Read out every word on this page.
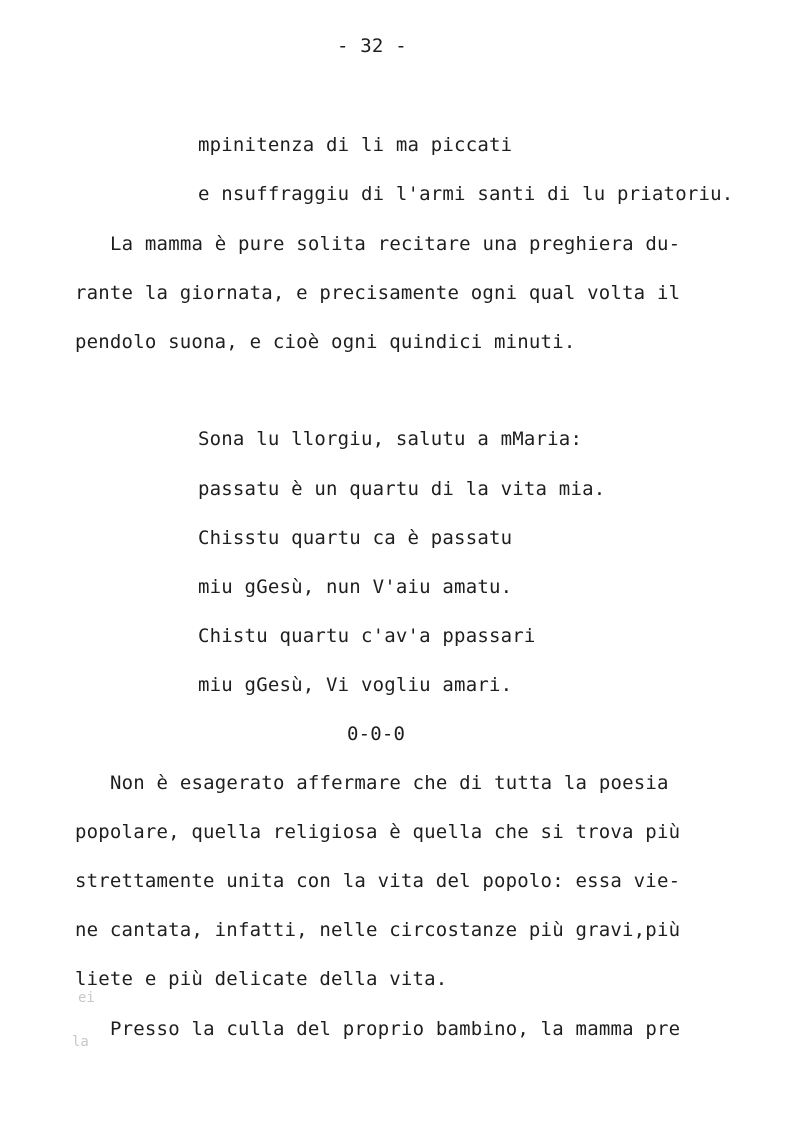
- 32 -
mpinitenza di li ma piccati
e nsuffraggiu di l'armi santi di lu priatoriu.
La mamma è pure solita recitare una preghiera du-
rante la giornata, e precisamente ogni qual volta il
pendolo suona, e cioè ogni quindici minuti.
Sona lu llorgiu, salutu a mMaria:
passatu è un quartu di la vita mia.
Chisstu quartu ca è passatu
miu gGesù, nun V'aiu amatu.
Chistu quartu c'av'a ppassari
miu gGesù, Vi vogliu amari.
0-0-0
Non è esagerato affermare che di tutta la poesia
popolare, quella religiosa è quella che si trova più
strettamente unita con la vita del popolo: essa vie-
ne cantata, infatti, nelle circostanze più gravi,più
liete e più delicate della vita.
Presso la culla del proprio bambino, la mamma pre
ei
la
